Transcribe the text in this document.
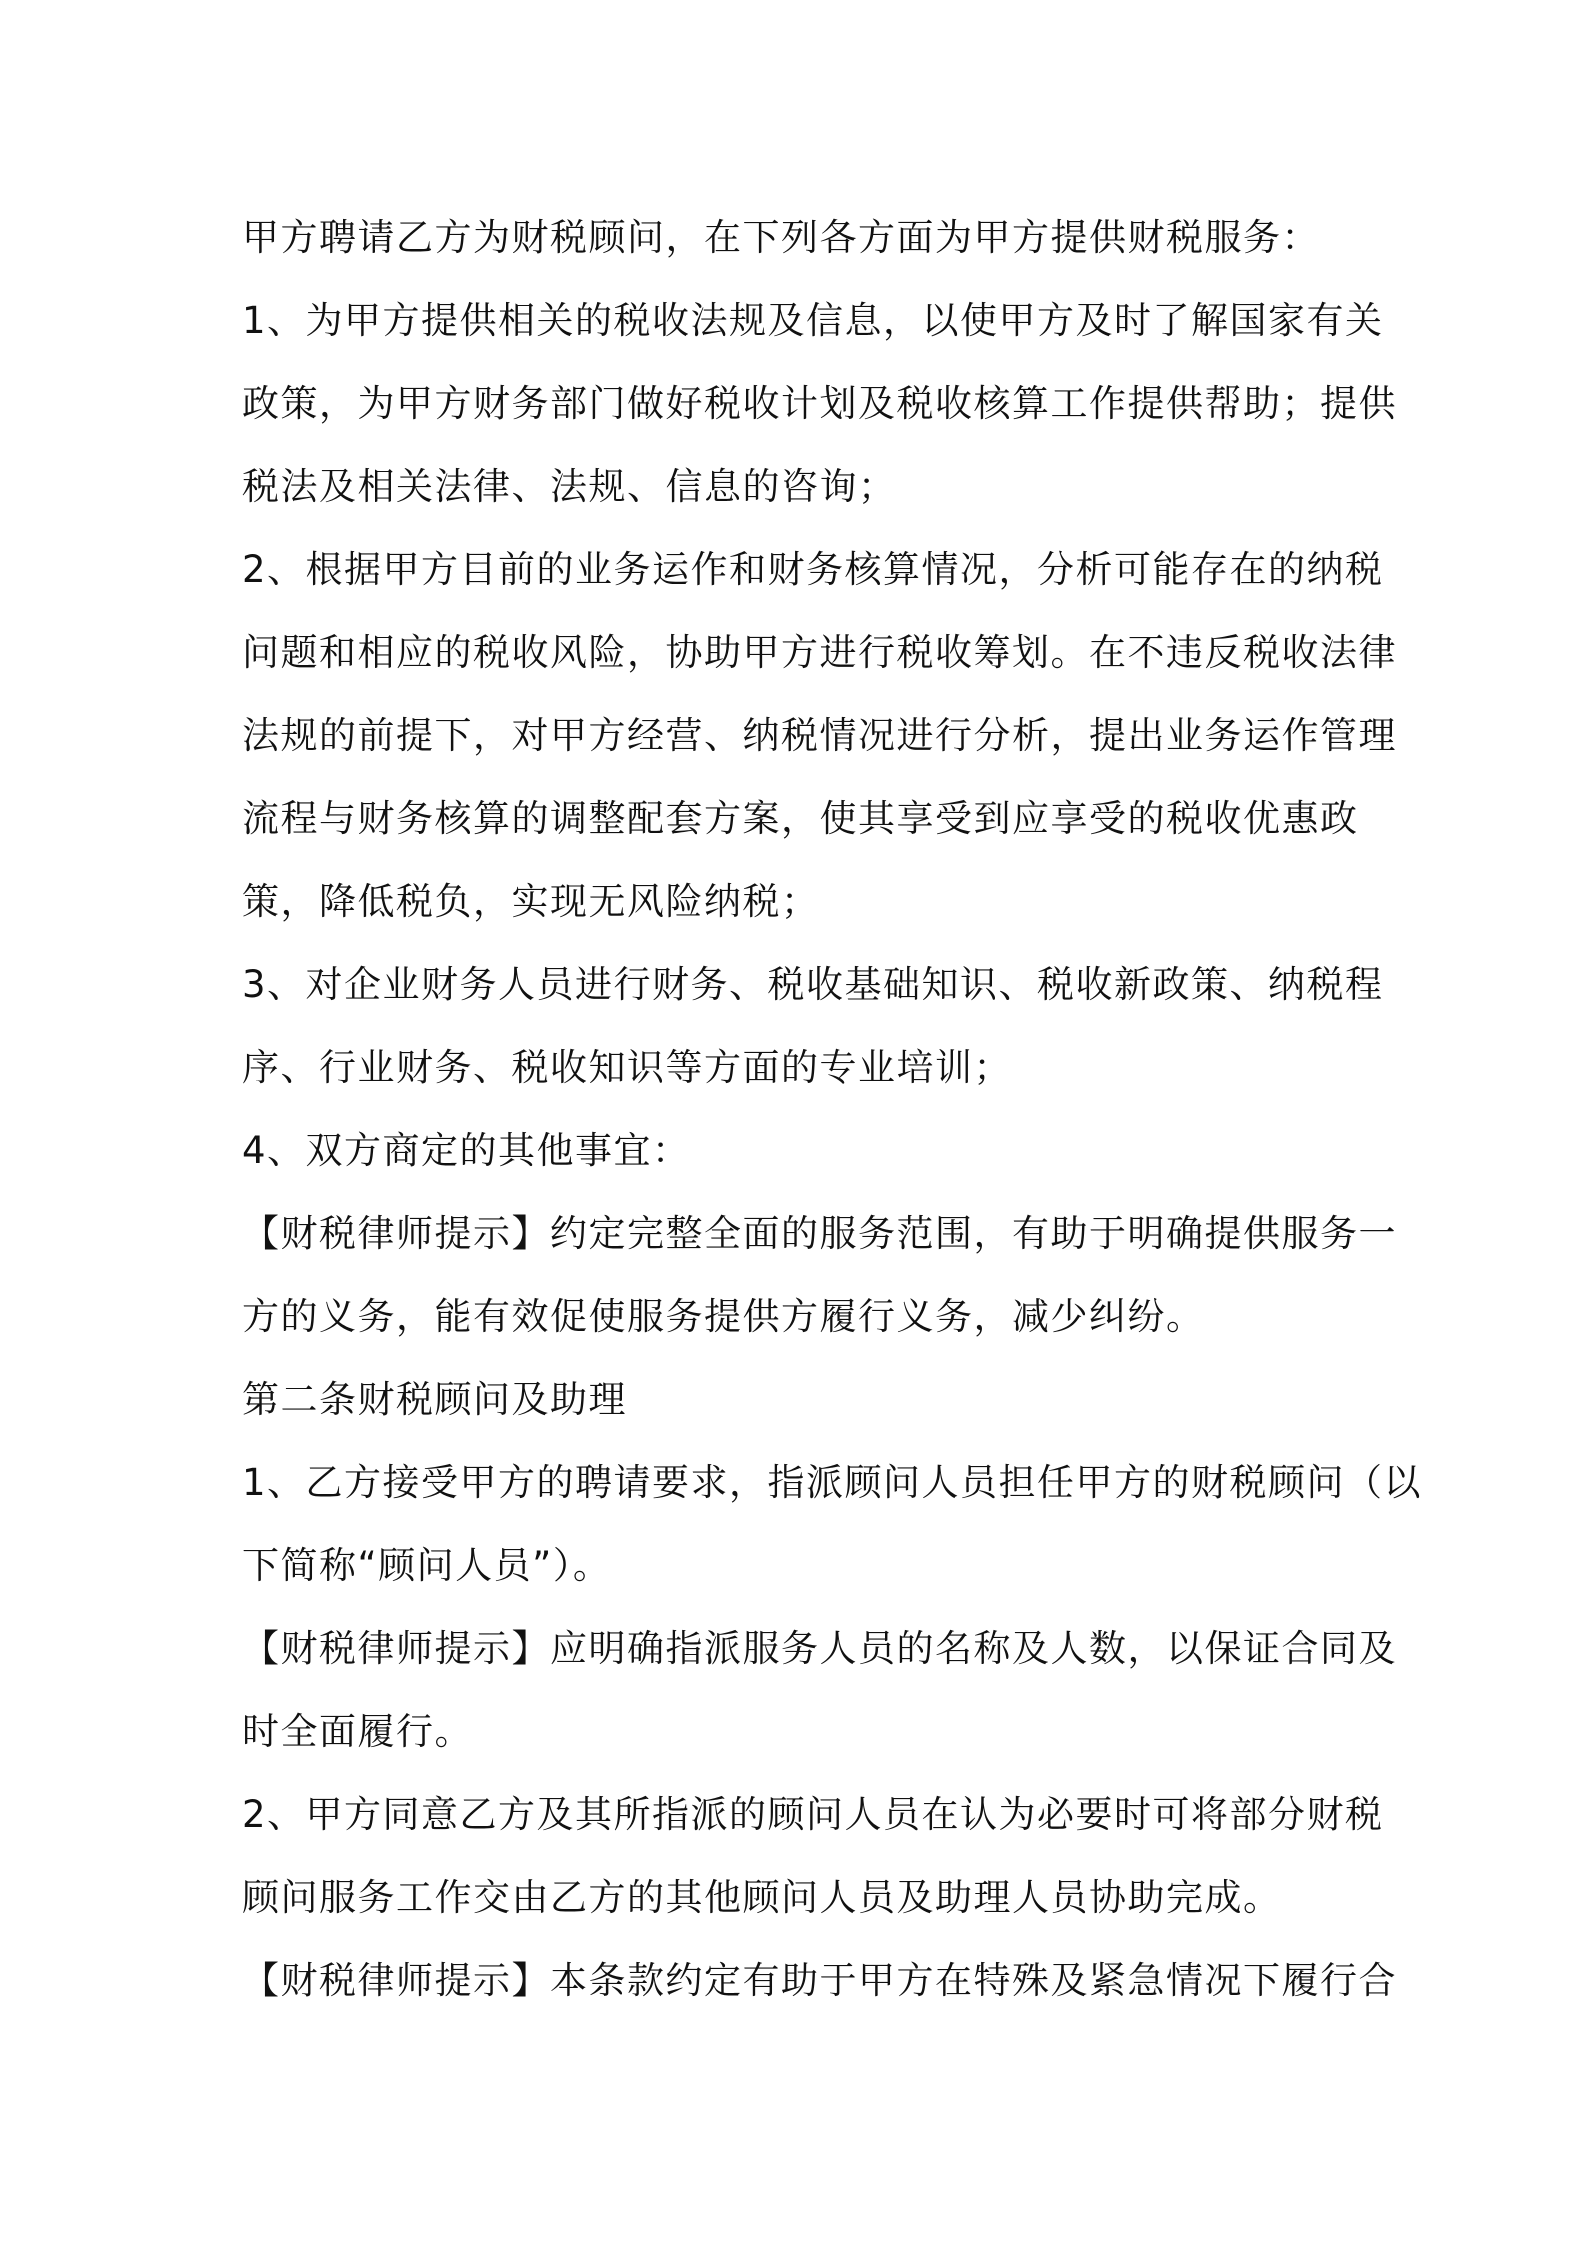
甲方聘请乙方为财税顾问，在下列各方面为甲方提供财税服务：
1、为甲方提供相关的税收法规及信息，以使甲方及时了解国家有关
政策，为甲方财务部门做好税收计划及税收核算工作提供帮助；提供
税法及相关法律、法规、信息的咨询；
2、根据甲方目前的业务运作和财务核算情况，分析可能存在的纳税
问题和相应的税收风险，协助甲方进行税收筹划。在不违反税收法律
法规的前提下，对甲方经营、纳税情况进行分析，提出业务运作管理
流程与财务核算的调整配套方案，使其享受到应享受的税收优惠政
策，降低税负，实现无风险纳税；
3、对企业财务人员进行财务、税收基础知识、税收新政策、纳税程
序、行业财务、税收知识等方面的专业培训；
4、双方商定的其他事宜：
【财税律师提示】约定完整全面的服务范围，有助于明确提供服务一
方的义务，能有效促使服务提供方履行义务，减少纠纷。
第二条财税顾问及助理
1、乙方接受甲方的聘请要求，指派顾问人员担任甲方的财税顾问（以
下简称“顾问人员”）。
【财税律师提示】应明确指派服务人员的名称及人数，以保证合同及
时全面履行。
2、甲方同意乙方及其所指派的顾问人员在认为必要时可将部分财税
顾问服务工作交由乙方的其他顾问人员及助理人员协助完成。
【财税律师提示】本条款约定有助于甲方在特殊及紧急情况下履行合
